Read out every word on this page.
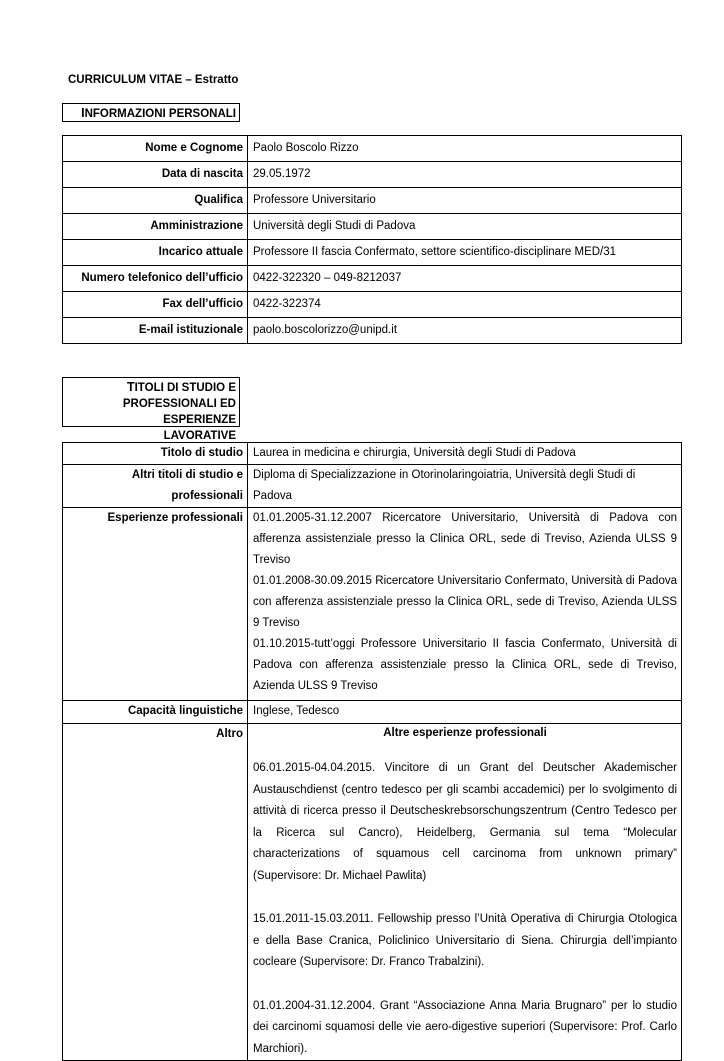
CURRICULUM VITAE – Estratto
INFORMAZIONI PERSONALI
Nome e Cognome	Paolo Boscolo Rizzo
Data di nascita	29.05.1972
Qualifica	Professore Universitario
Amministrazione	Università degli Studi di Padova
Incarico attuale	Professore II fascia Confermato, settore scientifico-disciplinare MED/31
Numero telefonico dell’ufficio	0422-322320 – 049-8212037
Fax dell’ufficio	0422-322374
E-mail istituzionale	paolo.boscolorizzo@unipd.it
TITOLI DI STUDIO E
PROFESSIONALI ED ESPERIENZE
LAVORATIVE
Titolo di studio	Laurea in medicina e chirurgia, Università degli Studi di Padova
Altri titoli di studio e professionali	Diploma di Specializzazione in Otorinolaringoiatria, Università degli Studi di Padova
Esperienze professionali	01.01.2005-31.12.2007 Ricercatore Universitario, Università di Padova con afferenza assistenziale presso la Clinica ORL, sede di Treviso, Azienda ULSS 9 Treviso
01.01.2008-30.09.2015 Ricercatore Universitario Confermato, Università di Padova con afferenza assistenziale presso la Clinica ORL, sede di Treviso, Azienda ULSS 9 Treviso
01.10.2015-tutt’oggi Professore Universitario II fascia Confermato, Università di Padova con afferenza assistenziale presso la Clinica ORL, sede di Treviso, Azienda ULSS 9 Treviso

Capacità linguistiche	Inglese, Tedesco
Altro	Altre esperienze professionali
06.01.2015-04.04.2015. Vincitore di un Grant del Deutscher Akademischer Austauschdienst (centro tedesco per gli scambi accademici) per lo svolgimento di attività di ricerca presso il Deutscheskrebsorschungszentrum (Centro Tedesco per la Ricerca sul Cancro), Heidelberg, Germania sul tema “Molecular characterizations of squamous cell carcinoma from unknown primary” (Supervisore: Dr. Michael Pawlita)
15.01.2011-15.03.2011. Fellowship presso l’Unità Operativa di Chirurgia Otologica e della Base Cranica, Policlinico Universitario di Siena. Chirurgia dell’impianto cocleare (Supervisore: Dr. Franco Trabalzini).
01.01.2004-31.12.2004. Grant “Associazione Anna Maria Brugnaro” per lo studio dei carcinomi squamosi delle vie aero-digestive superiori (Supervisore: Prof. Carlo Marchiori).
